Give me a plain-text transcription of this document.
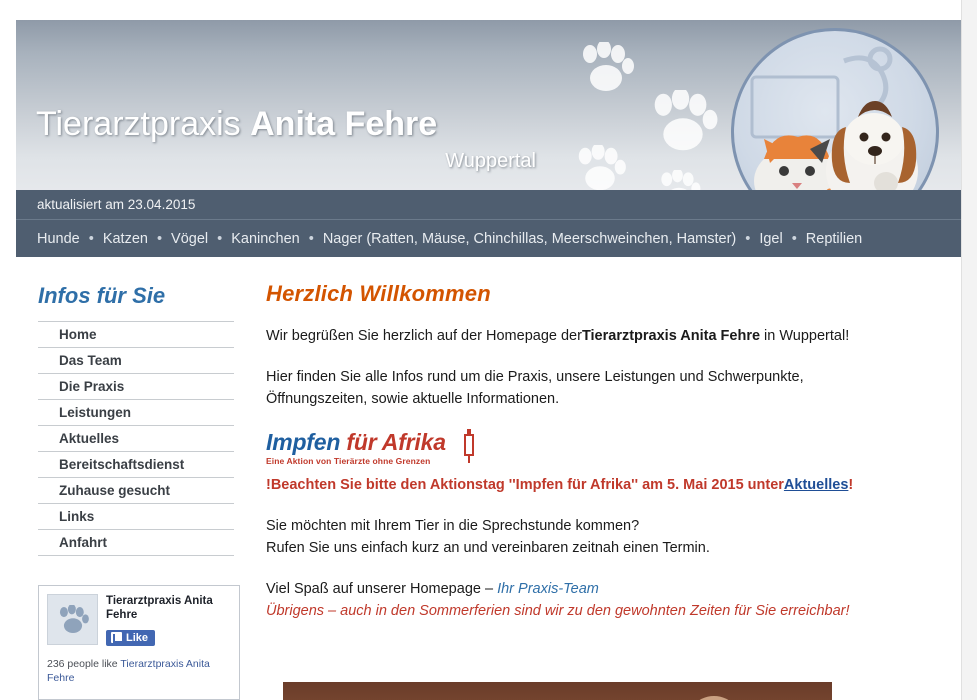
Tierarztpraxis Anita Fehre
Wuppertal
aktualisiert am 23.04.2015
Hunde • Katzen • Vögel • Kaninchen • Nager (Ratten, Mäuse, Chinchillas, Meerschweinchen, Hamster) • Igel • Reptilien
Infos für Sie
Home
Das Team
Die Praxis
Leistungen
Aktuelles
Bereitschaftsdienst
Zuhause gesucht
Links
Anfahrt
Tierarztpraxis Anita Fehre
Like
236 people like Tierarztpraxis Anita Fehre
Herzlich Willkommen
Wir begrüßen Sie herzlich auf der Homepage derTierarztpraxis Anita Fehre in Wuppertal!
Hier finden Sie alle Infos rund um die Praxis, unsere Leistungen und Schwerpunkte,
Öffnungszeiten, sowie aktuelle Informationen.
Impfen für Afrika
Eine Aktion von Tierärzte ohne Grenzen
!Beachten Sie bitte den Aktionstag ''Impfen für Afrika'' am 5. Mai 2015 unterAktuelles!
Sie möchten mit Ihrem Tier in die Sprechstunde kommen?
Rufen Sie uns einfach kurz an und vereinbaren zeitnah einen Termin.
Viel Spaß auf unserer Homepage – Ihr Praxis-Team
Übrigens – auch in den Sommerferien sind wir zu den gewohnten Zeiten für Sie erreichbar!
